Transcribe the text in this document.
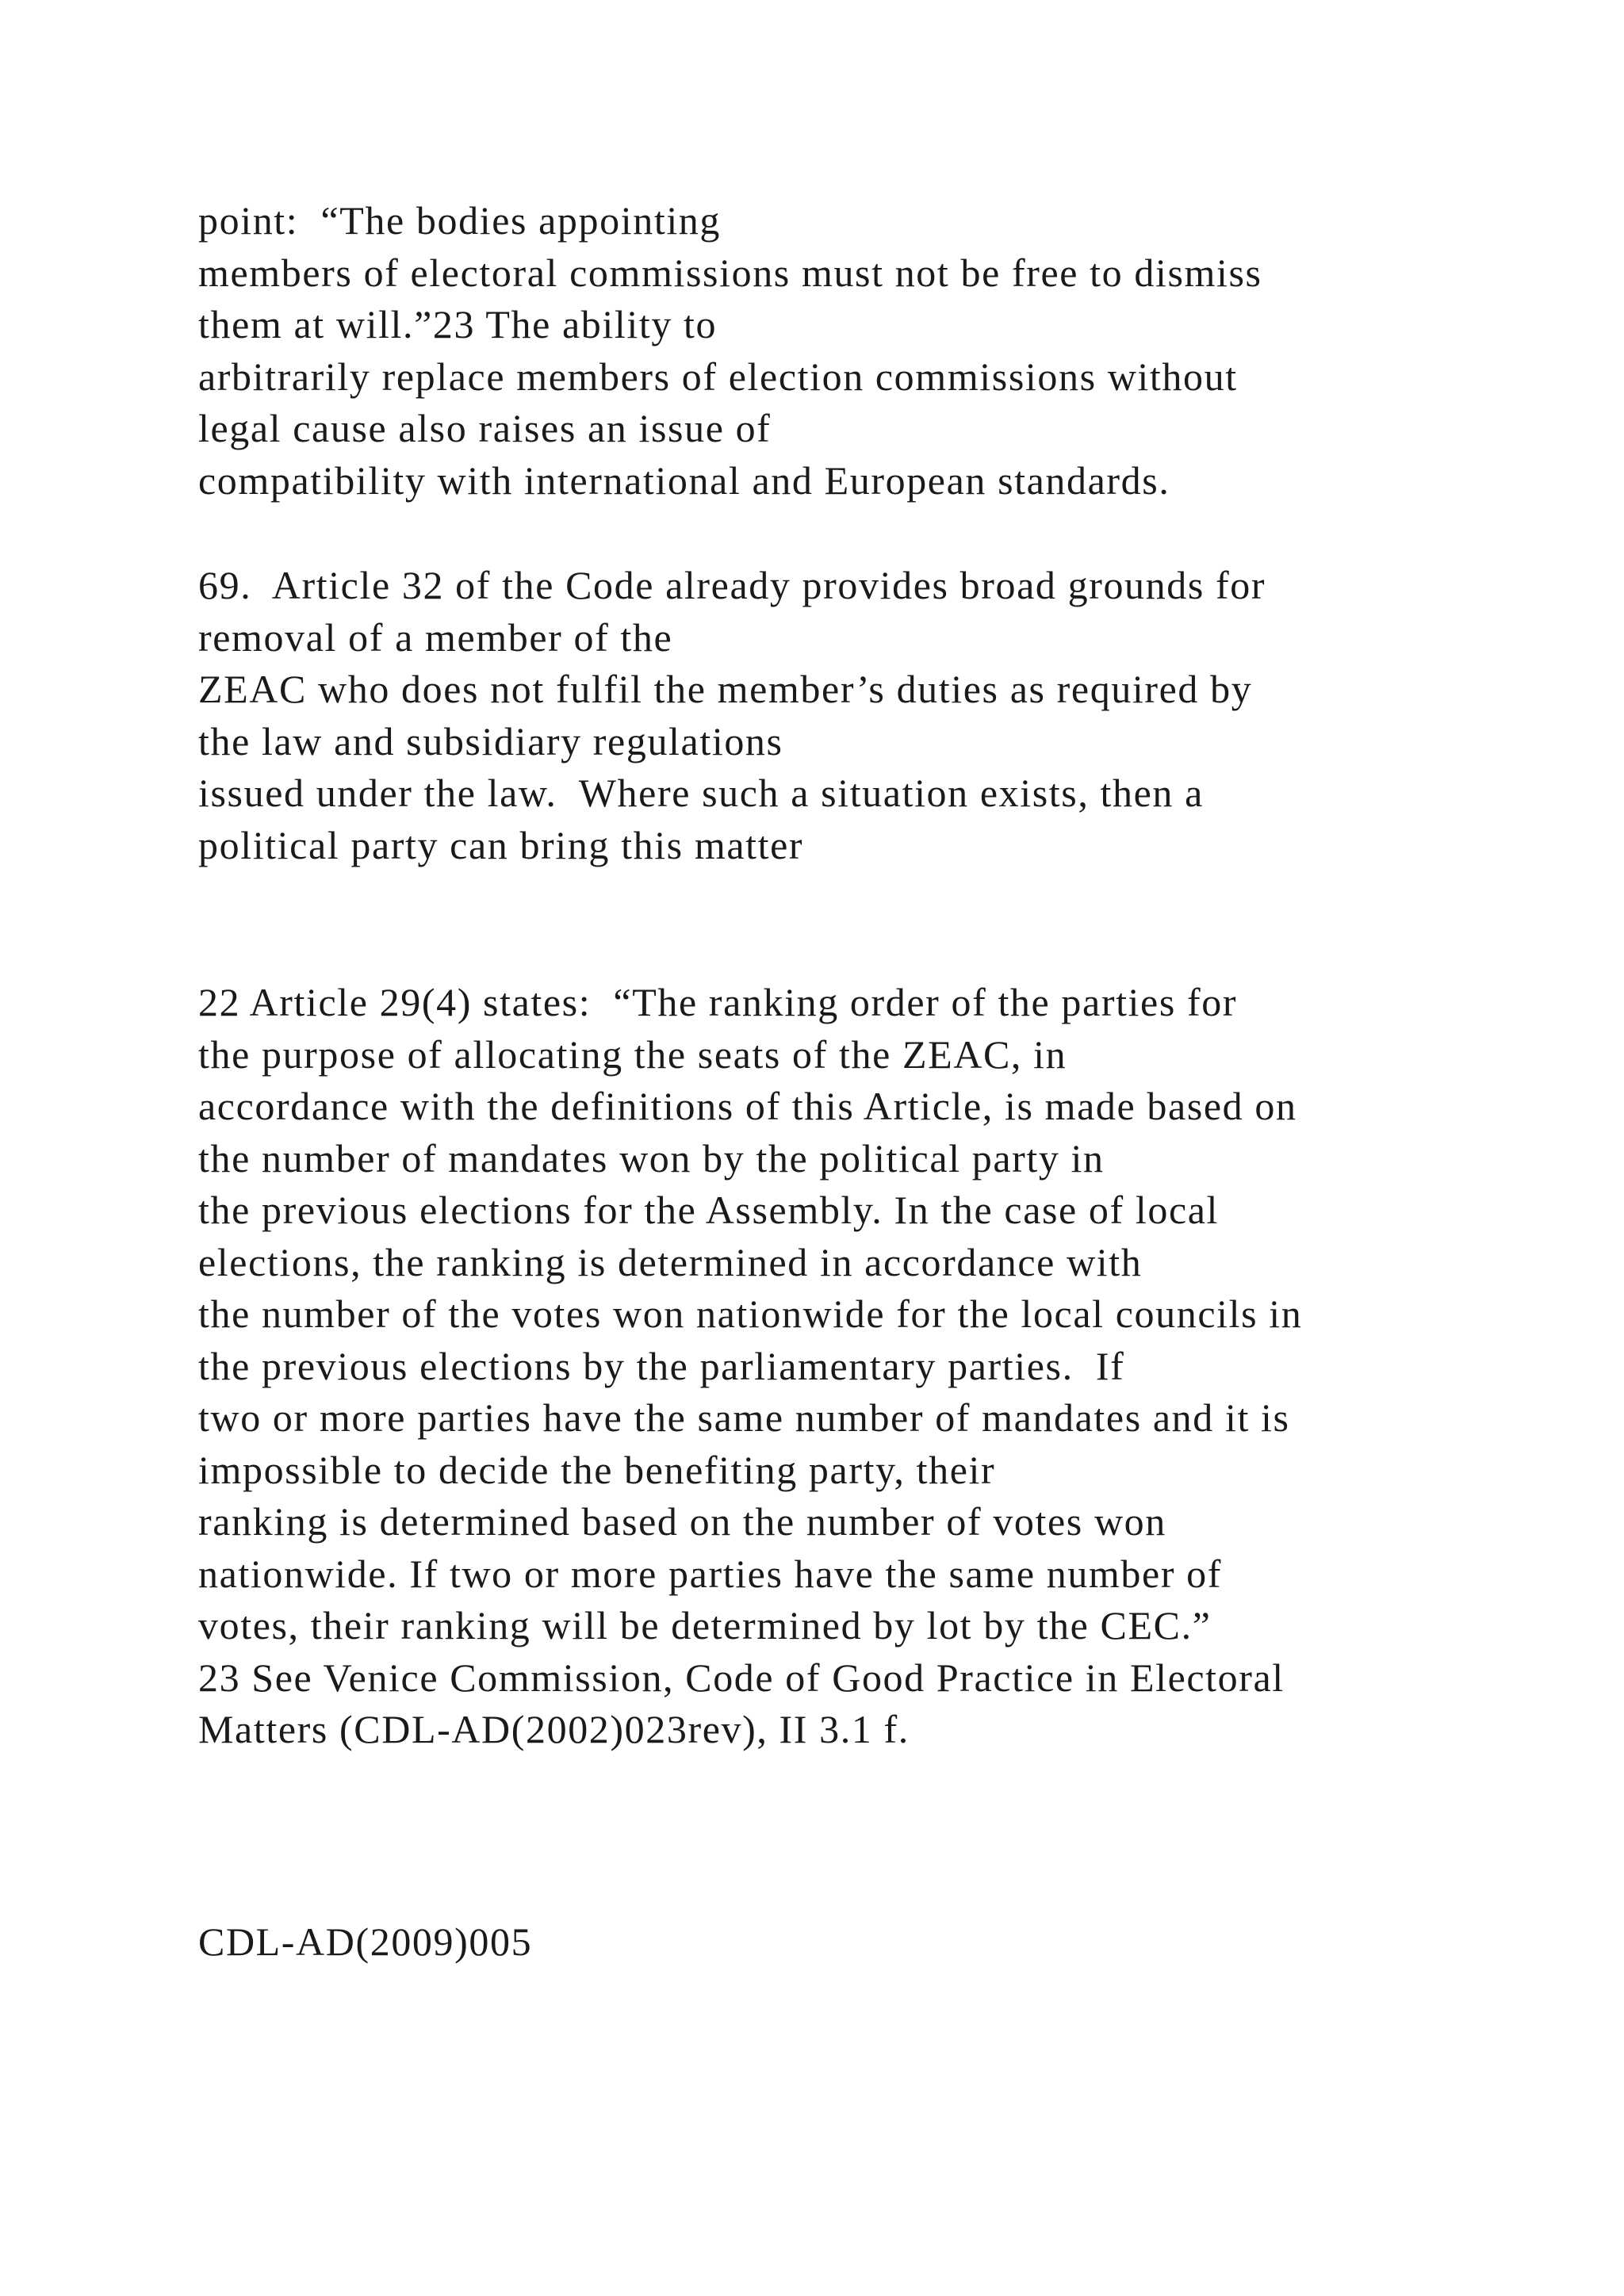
point:  “The bodies appointing
members of electoral commissions must not be free to dismiss
them at will.”23 The ability to
arbitrarily replace members of election commissions without
legal cause also raises an issue of
compatibility with international and European standards.
69.  Article 32 of the Code already provides broad grounds for
removal of a member of the
ZEAC who does not fulfil the member’s duties as required by
the law and subsidiary regulations
issued under the law.  Where such a situation exists, then a
political party can bring this matter
22 Article 29(4) states:  “The ranking order of the parties for
the purpose of allocating the seats of the ZEAC, in
accordance with the definitions of this Article, is made based on
the number of mandates won by the political party in
the previous elections for the Assembly. In the case of local
elections, the ranking is determined in accordance with
the number of the votes won nationwide for the local councils in
the previous elections by the parliamentary parties.  If
two or more parties have the same number of mandates and it is
impossible to decide the benefiting party, their
ranking is determined based on the number of votes won
nationwide. If two or more parties have the same number of
votes, their ranking will be determined by lot by the CEC.”
23 See Venice Commission, Code of Good Practice in Electoral
Matters (CDL-AD(2002)023rev), II 3.1 f.
CDL-AD(2009)005
